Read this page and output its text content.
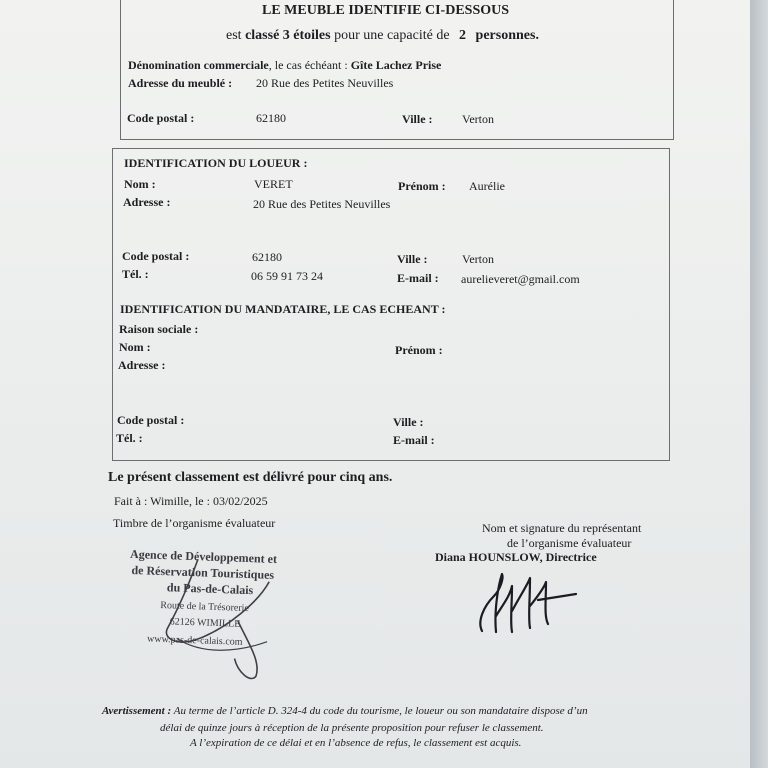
LE MEUBLE IDENTIFIE CI-DESSOUS
est classé 3 étoiles pour une capacité de 2 personnes.
Dénomination commerciale, le cas échéant : Gîte Lachez Prise
Adresse du meublé : 20 Rue des Petites Neuvilles
Code postal :	62180	Ville : Verton
IDENTIFICATION DU LOUEUR :
Nom :	VERET	Prénom : Aurélie
Adresse :	20 Rue des Petites Neuvilles
Code postal :	62180	Ville :	Verton
Tél. :	06 59 91 73 24	E-mail : aurelieveret@gmail.com
IDENTIFICATION DU MANDATAIRE, LE CAS ECHEANT :
Raison sociale :
Nom :	Prénom :
Adresse :
Code postal :	Ville :
Tél. :	E-mail :
Le présent classement est délivré pour cinq ans.
Fait à : Wimille, le : 03/02/2025
Timbre de l’organisme évaluateur	Nom et signature du représentant
de l’organisme évaluateur
Diana HOUNSLOW, Directrice
Agence de Développement et
de Réservation Touristiques
du Pas-de-Calais
Route de la Trésorerie
62126 WIMILLE
www.pas-de-calais.com
Avertissement : Au terme de l’article D. 324-4 du code du tourisme, le loueur ou son mandataire dispose d’un
délai de quinze jours à réception de la présente proposition pour refuser le classement.
A l’expiration de ce délai et en l’absence de refus, le classement est acquis.
